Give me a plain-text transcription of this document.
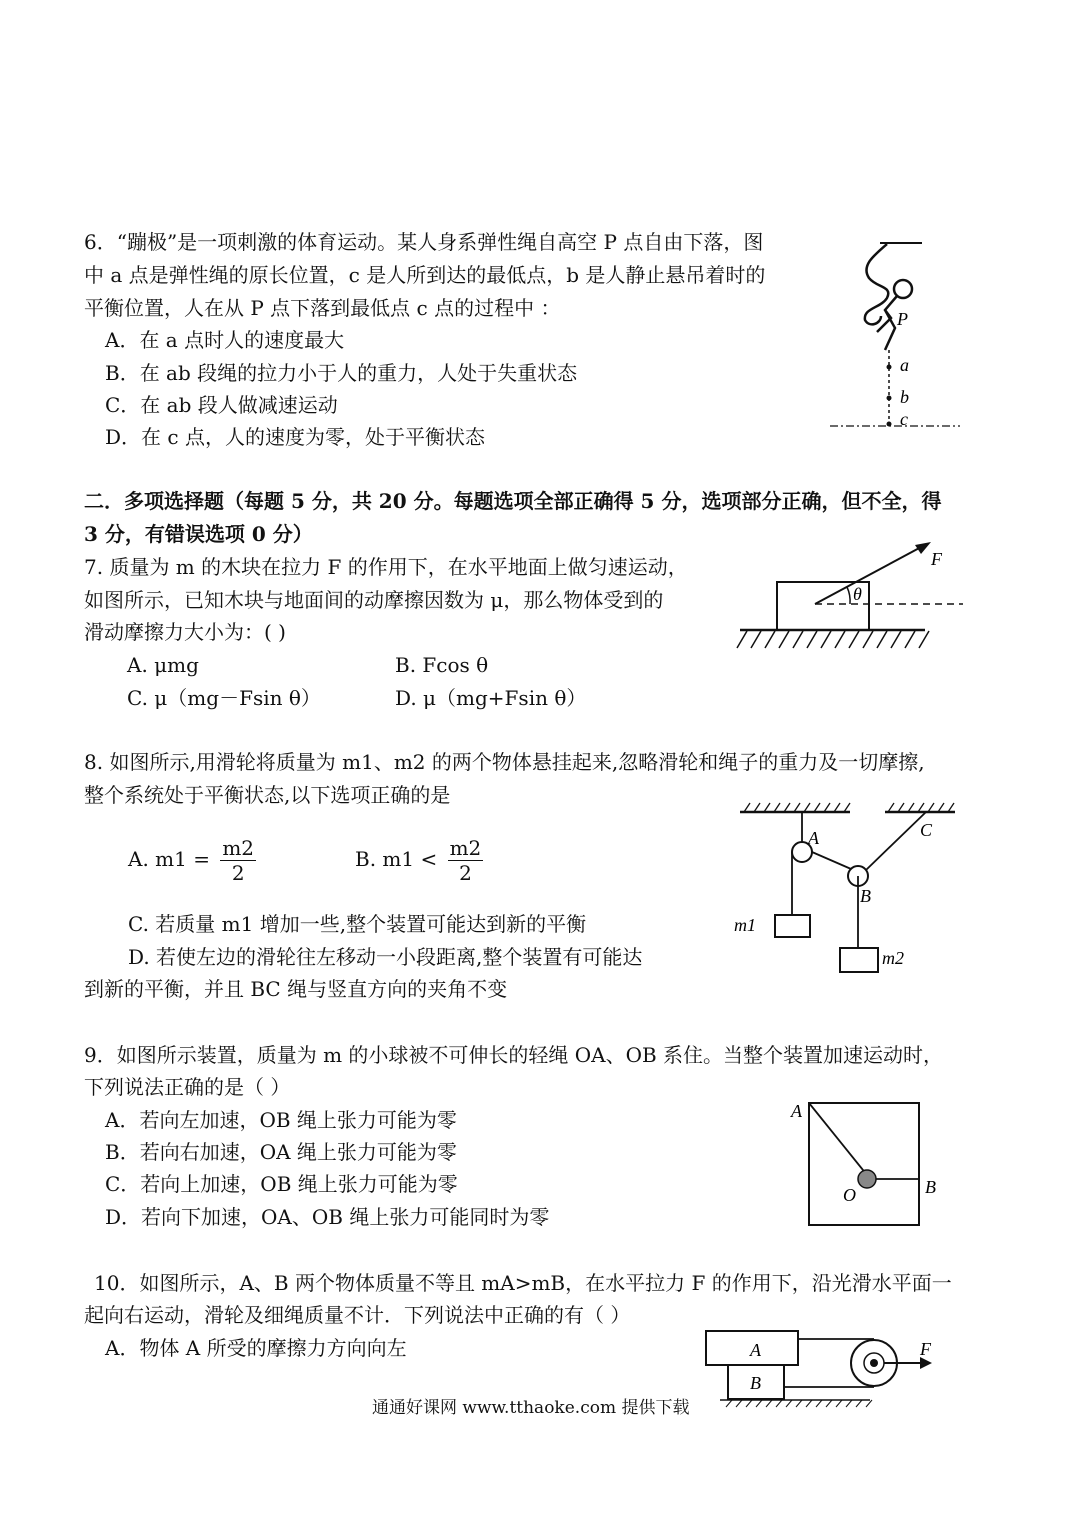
6．“蹦极”是一项刺激的体育运动。某人身系弹性绳自高空 P 点自由下落，图
中 a 点是弹性绳的原长位置，c 是人所到达的最低点，b 是人静止悬吊着时的
平衡位置，人在从 P 点下落到最低点 c 点的过程中 ：
A．在 a 点时人的速度最大
B．在 ab 段绳的拉力小于人的重力，人处于失重状态
C．在 ab 段人做减速运动
D．在 c 点，人的速度为零，处于平衡状态
P
a
b
c
二．多项选择题（每题 5 分，共 20 分。每题选项全部正确得 5 分，选项部分正确，但不全，得
3 分，有错误选项 0 分）
7. 质量为 m 的木块在拉力 F 的作用下，在水平地面上做匀速运动，
如图所示，已知木块与地面间的动摩擦因数为 μ，那么物体受到的
滑动摩擦力大小为：( )
A. μmg	B. Fcos θ
C. μ（mg－Fsin θ）	D. μ（mg+Fsin θ）
F
θ
8. 如图所示,用滑轮将质量为 m1、m2 的两个物体悬挂起来,忽略滑轮和绳子的重力及一切摩擦,
整个系统处于平衡状态,以下选项正确的是
A. $m1 = \frac{m2}{2}$	B. $m1 < \frac{m2}{2}$
C. 若质量 m1 增加一些,整个装置可能达到新的平衡
D. 若使左边的滑轮往左移动一小段距离,整个装置有可能达
到新的平衡，并且 BC 绳与竖直方向的夹角不变
A
B
C
m1
m2
9．如图所示装置，质量为 m 的小球被不可伸长的轻绳 OA、OB 系住。当整个装置加速运动时，
下列说法正确的是（ ）
A．若向左加速，OB 绳上张力可能为零
B．若向右加速，OA 绳上张力可能为零
C．若向上加速，OB 绳上张力可能为零
D．若向下加速，OA、OB 绳上张力可能同时为零
A
O	B
10．如图所示，A、B 两个物体质量不等且 mA>mB，在水平拉力 F 的作用下，沿光滑水平面一
起向右运动，滑轮及细绳质量不计．下列说法中正确的有（ ）
A．物体 A 所受的摩擦力方向向左	A
B
F
通通好课网 www.tthaoke.com 提供下载
